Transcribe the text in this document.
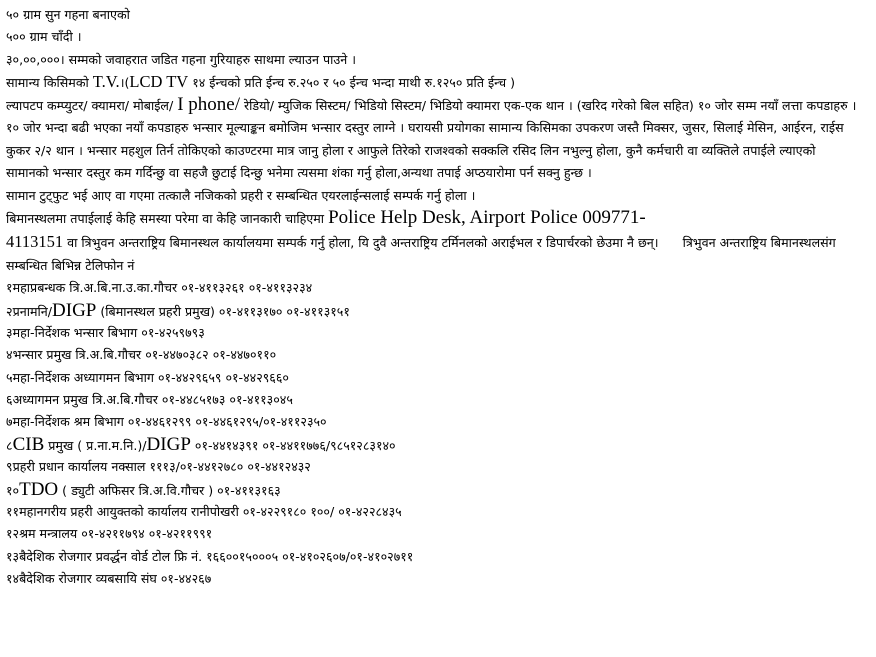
५० ग्राम सुन गहना बनाएको
५०० ग्राम चाँदी ।
३०,००,०००। सम्मको जवाहरात जडित गहना गुरियाहरु साथमा ल्याउन पाउने ।
सामान्य किसिमको T.V.।(LCD TV १४ ईन्चको प्रति ईन्च रु.२५० र ५० ईन्च भन्दा माथी रु.१२५० प्रति ईन्च )
ल्यापटप कम्प्युटर/ क्यामरा/ मोबाईल/ I phone/ रेडियो/ म्युजिक सिस्टम/ भिडियो सिस्टम/ भिडियो क्यामरा एक-एक थान । (खरिद गरेको बिल सहित) १० जोर सम्म नयाँ लत्ता कपडाहरु । १० जोर भन्दा बढी भएका नयाँ कपडाहरु भन्सार मूल्याङ्कन बमोजिम भन्सार दस्तुर लाग्ने । घरायसी प्रयोगका सामान्य किसिमका उपकरण जस्तै मिक्सर, जुसर, सिलाई मेसिन, आईरन, राईस कुकर २/२ थान । भन्सार महशुल तिर्न तोकिएको काउण्टरमा मात्र जानु होला र आफुले तिरेको राजश्वको सक्कलि रसिद लिन नभुल्नु होला, कुनै कर्मचारी वा व्यक्तिले तपाईले ल्याएको सामानको भन्सार दस्तुर कम गर्दिन्छु वा सहजै छुटाई दिन्छु भनेमा त्यसमा शंका गर्नु होला,अन्यथा तपाई अप्ठयारोमा पर्न सक्नु हुन्छ ।
सामान टुट्फुट भई आए वा गएमा तत्कालै नजिकको प्रहरी र सम्बन्धित एयरलाईन्सलाई सम्पर्क गर्नु होला ।
बिमानस्थलमा तपाईलाई केहि समस्या परेमा वा केहि जानकारी चाहिएमा Police Help Desk, Airport Police 009771-
4113151 वा त्रिभुवन अन्तराष्ट्रिय बिमानस्थल कार्यालयमा सम्पर्क गर्नु होला, यि दुवै अन्तराष्ट्रिय टर्मिनलको अराईभल र डिपार्चरको छेउमा नै छन्। त्रिभुवन अन्तराष्ट्रिय बिमानस्थलसंग सम्बन्धित बिभिन्न टेलिफोन नं
१महाप्रबन्धक त्रि.अ.बि.ना.उ.का.गौचर ०१-४११३२६१ ०१-४११३२३४
२प्रनामनि/DIGP (बिमानस्थल प्रहरी प्रमुख) ०१-४११३१७० ०१-४११३१५१
३महा-निर्देशक भन्सार बिभाग ०१-४२५९७९३
४भन्सार प्रमुख त्रि.अ.बि.गौचर ०१-४४७०३८२ ०१-४४७०११०
५महा-निर्देशक अध्यागमन बिभाग ०१-४४२९६५९ ०१-४४२९६६०
६अध्यागमन प्रमुख त्रि.अ.बि.गौचर ०१-४४८५१७३ ०१-४११३०४५
७महा-निर्देशक श्रम बिभाग ०१-४४६१२९९ ०१-४४६१२९५/०१-४११२३५०
८CIB प्रमुख ( प्र.ना.म.नि.)/DIGP ०१-४४१४३९१ ०१-४४११७७६/९८५१२८३१४०
९प्रहरी प्रधान कार्यालय नक्साल १११३/०१-४४१२७८० ०१-४४१२४३२
१०TDO ( ड्युटी अफिसर त्रि.अ.वि.गौचर ) ०१-४११३१६३
११महानगरीय प्रहरी आयुक्तको कार्यालय रानीपोखरी ०१-४२२९१८० १००/ ०१-४२२८४३५
१२श्रम मन्त्रालय ०१-४२११७९४ ०१-४२११९९१
१३बैदेशिक रोजगार प्रवर्द्धन वोर्ड टोल फ्रि नं. १६६००१५०००५ ०१-४१०२६०७/०१-४१०२७११
१४बैदेशिक रोजगार व्यबसायि संघ ०१-४४२६७
